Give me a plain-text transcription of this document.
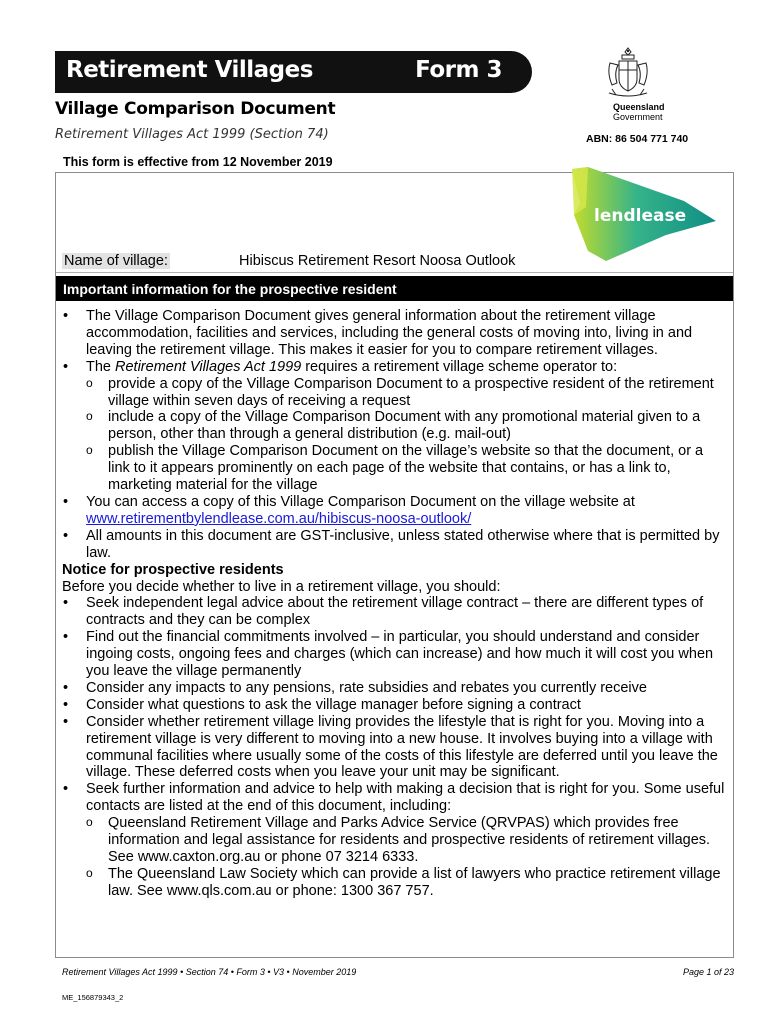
Retirement Villages	Form 3
Village Comparison Document
Retirement Villages Act 1999 (Section 74)
This form is effective from 12 November 2019
Queensland
Government
ABN: 86 504 771 740
lendlease
Name of village:	Hibiscus Retirement Resort Noosa Outlook
Important information for the prospective resident
• The Village Comparison Document gives general information about the retirement village accommodation, facilities and services, including the general costs of moving into, living in and leaving the retirement village. This makes it easier for you to compare retirement villages.
• The Retirement Villages Act 1999 requires a retirement village scheme operator to:
o provide a copy of the Village Comparison Document to a prospective resident of the retirement village within seven days of receiving a request
o include a copy of the Village Comparison Document with any promotional material given to a person, other than through a general distribution (e.g. mail-out)
o publish the Village Comparison Document on the village’s website so that the document, or a link to it appears prominently on each page of the website that contains, or has a link to, marketing material for the village
• You can access a copy of this Village Comparison Document on the village website at
www.retirementbylendlease.com.au/hibiscus-noosa-outlook/
• All amounts in this document are GST-inclusive, unless stated otherwise where that is permitted by law.

Notice for prospective residents

Before you decide whether to live in a retirement village, you should:

• Seek independent legal advice about the retirement village contract – there are different types of contracts and they can be complex
• Find out the financial commitments involved – in particular, you should understand and consider ingoing costs, ongoing fees and charges (which can increase) and how much it will cost you when you leave the village permanently
• Consider any impacts to any pensions, rate subsidies and rebates you currently receive
• Consider what questions to ask the village manager before signing a contract
• Consider whether retirement village living provides the lifestyle that is right for you. Moving into a retirement village is very different to moving into a new house. It involves buying into a village with communal facilities where usually some of the costs of this lifestyle are deferred until you leave the village. These deferred costs when you leave your unit may be significant.
• Seek further information and advice to help with making a decision that is right for you. Some useful contacts are listed at the end of this document, including:
o Queensland Retirement Village and Parks Advice Service (QRVPAS) which provides free information and legal assistance for residents and prospective residents of retirement villages. See www.caxton.org.au or phone 07 3214 6333.
o The Queensland Law Society which can provide a list of lawyers who practice retirement village law. See www.qls.com.au or phone: 1300 367 757.
Retirement Villages Act 1999 • Section 74 • Form 3 • V3 • November 2019	Page 1 of 23
ME_156879343_2
